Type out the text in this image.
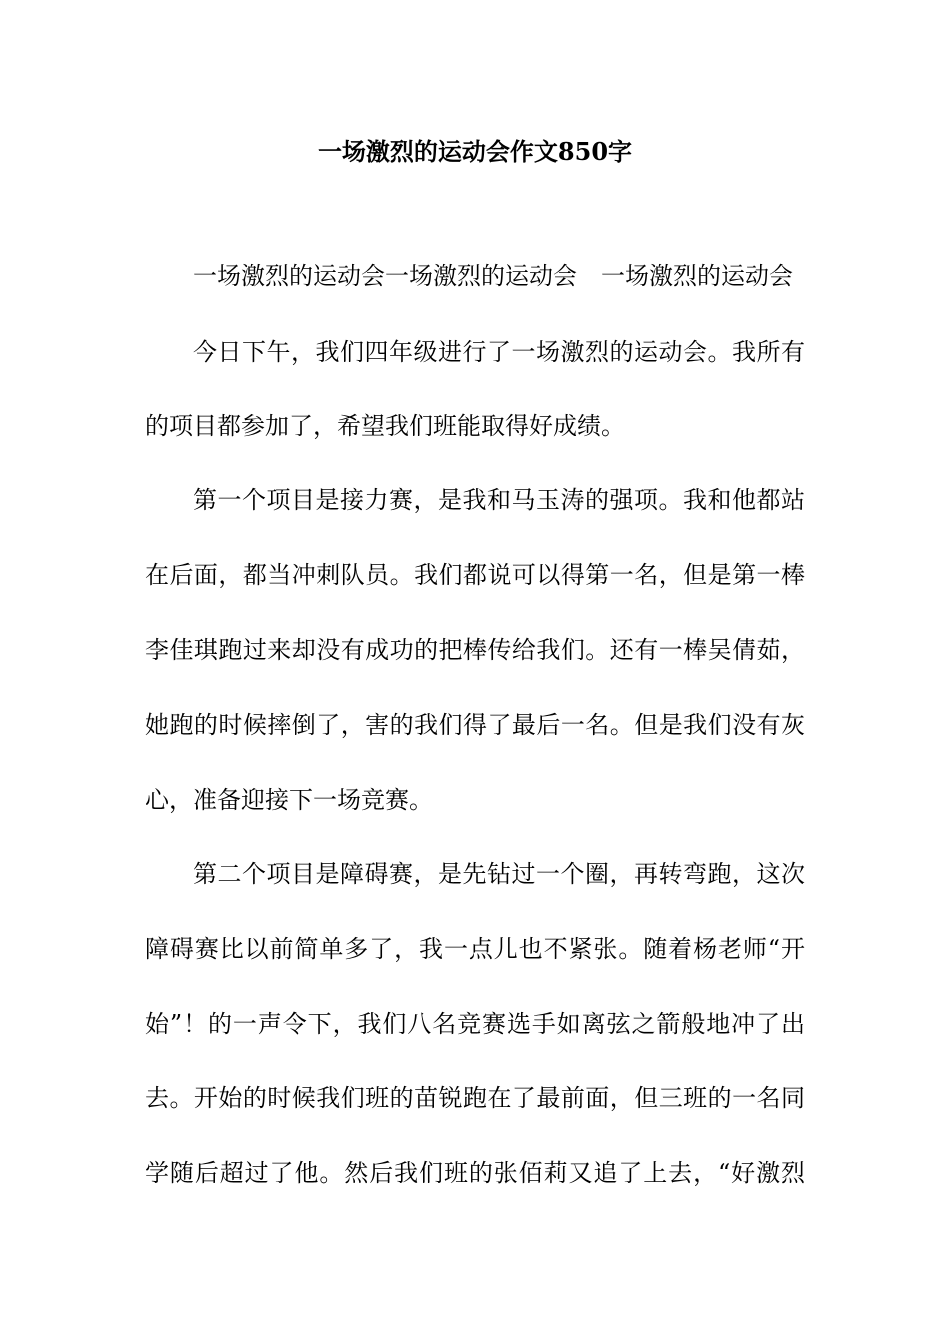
一场激烈的运动会作文850字
一场激烈的运动会一场激烈的运动会　一场激烈的运动会
今日下午，我们四年级进行了一场激烈的运动会。我所有
的项目都参加了，希望我们班能取得好成绩。
第一个项目是接力赛，是我和马玉涛的强项。我和他都站
在后面，都当冲刺队员。我们都说可以得第一名，但是第一棒
李佳琪跑过来却没有成功的把棒传给我们。还有一棒吴倩茹，
她跑的时候摔倒了，害的我们得了最后一名。但是我们没有灰
心，准备迎接下一场竞赛。
第二个项目是障碍赛，是先钻过一个圈，再转弯跑，这次
障碍赛比以前简单多了，我一点儿也不紧张。随着杨老师“开
始”！的一声令下，我们八名竞赛选手如离弦之箭般地冲了出
去。开始的时候我们班的苗锐跑在了最前面，但三班的一名同
学随后超过了他。然后我们班的张佰莉又追了上去，“好激烈
